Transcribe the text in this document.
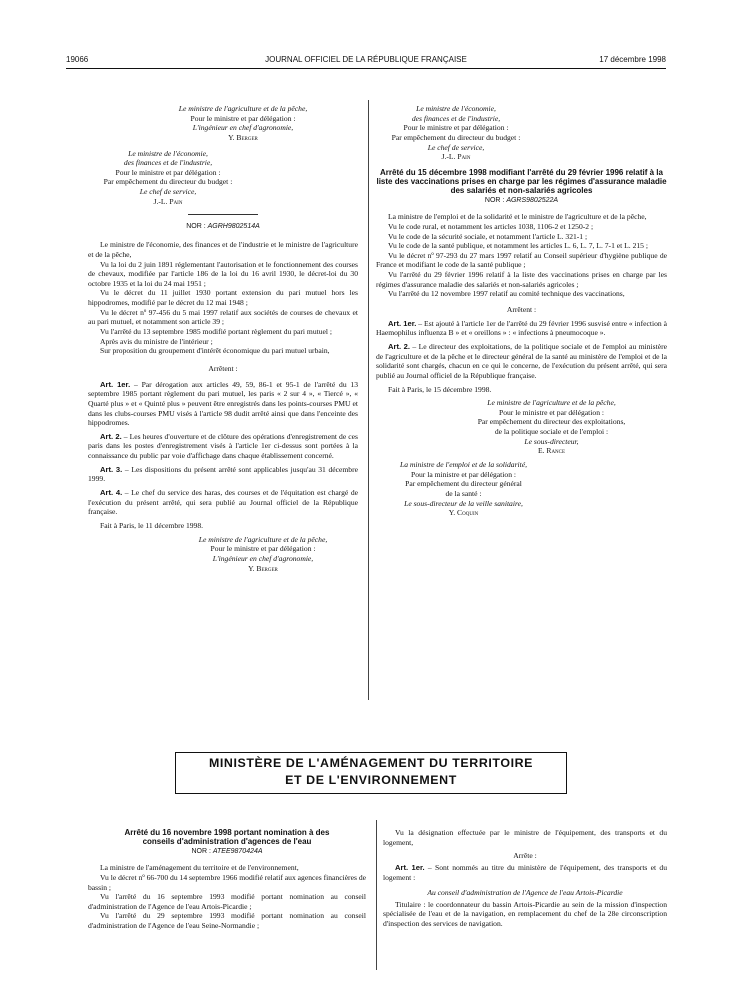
19066	JOURNAL OFFICIEL DE LA RÉPUBLIQUE FRANÇAISE	17 décembre 1998

Le ministre de l'agriculture et de la pêche,

Pour le ministre et par délégation :

L'ingénieur en chef d'agronomie,

Y. Berger

Le ministre de l'économie,

des finances et de l'industrie,

Pour le ministre et par délégation :

Par empêchement du directeur du budget :

Le chef de service,

J.-L. Pain

NOR : AGRH9802514A

Le ministre de l'économie, des finances et de l'industrie et le ministre de l'agriculture et de la pêche,

Vu la loi du 2 juin 1891 réglementant l'autorisation et le fonctionnement des courses de chevaux, modifiée par l'article 186 de la loi du 16 avril 1930, le décret-loi du 30 octobre 1935 et la loi du 24 mai 1951 ;

Vu le décret du 11 juillet 1930 portant extension du pari mutuel hors les hippodromes, modifié par le décret du 12 mai 1948 ;

Vu le décret nº 97-456 du 5 mai 1997 relatif aux sociétés de courses de chevaux et au pari mutuel, et notamment son article 39 ;

Vu l'arrêté du 13 septembre 1985 modifié portant règlement du pari mutuel ;

Après avis du ministre de l'intérieur ;

Sur proposition du groupement d'intérêt économique du pari mutuel urbain,

Arrêtent :

Art. 1er. – Par dérogation aux articles 49, 59, 86-1 et 95-1 de l'arrêté du 13 septembre 1985 portant règlement du pari mutuel, les paris « 2 sur 4 », « Tiercé », « Quarté plus » et « Quinté plus » peuvent être enregistrés dans les points-courses PMU et dans les clubs-courses PMU visés à l'article 98 dudit arrêté ainsi que dans l'enceinte des hippodromes.

Art. 2. – Les heures d'ouverture et de clôture des opérations d'enregistrement de ces paris dans les postes d'enregistrement visés à l'article 1er ci-dessus sont portées à la connaissance du public par voie d'affichage dans chaque établissement concerné.

Art. 3. – Les dispositions du présent arrêté sont applicables jusqu'au 31 décembre 1999.

Art. 4. – Le chef du service des haras, des courses et de l'équitation est chargé de l'exécution du présent arrêté, qui sera publié au Journal officiel de la République française.

Fait à Paris, le 11 décembre 1998.

Le ministre de l'agriculture et de la pêche,

Pour le ministre et par délégation :

L'ingénieur en chef d'agronomie,

Y. Berger

Le ministre de l'économie,

des finances et de l'industrie,

Pour le ministre et par délégation :

Par empêchement du directeur du budget :

Le chef de service,

J.-L. Pain

Arrêté du 15 décembre 1998 modifiant l'arrêté du 29 février 1996 relatif à la liste des vaccinations prises en charge par les régimes d'assurance maladie des salariés et non-salariés agricoles

NOR : AGRS9802522A

La ministre de l'emploi et de la solidarité et le ministre de l'agriculture et de la pêche,

Vu le code rural, et notamment les articles 1038, 1106-2 et 1250-2 ;

Vu le code de la sécurité sociale, et notamment l'article L. 321-1 ;

Vu le code de la santé publique, et notamment les articles L. 6, L. 7, L. 7-1 et L. 215 ;

Vu le décret nº 97-293 du 27 mars 1997 relatif au Conseil supérieur d'hygiène publique de France et modifiant le code de la santé publique ;

Vu l'arrêté du 29 février 1996 relatif à la liste des vaccinations prises en charge par les régimes d'assurance maladie des salariés et non-salariés agricoles ;

Vu l'arrêté du 12 novembre 1997 relatif au comité technique des vaccinations,

Arrêtent :

Art. 1er. – Est ajouté à l'article 1er de l'arrêté du 29 février 1996 susvisé entre « infection à Haemophilus influenza B » et « oreillons » : « infections à pneumocoque ».

Art. 2. – Le directeur des exploitations, de la politique sociale et de l'emploi au ministère de l'agriculture et de la pêche et le directeur général de la santé au ministère de l'emploi et de la solidarité sont chargés, chacun en ce qui le concerne, de l'exécution du présent arrêté, qui sera publié au Journal officiel de la République française.

Fait à Paris, le 15 décembre 1998.

Le ministre de l'agriculture et de la pêche,

Pour le ministre et par délégation :

Par empêchement du directeur des exploitations,

de la politique sociale et de l'emploi :

Le sous-directeur,

E. Rance

La ministre de l'emploi et de la solidarité,

Pour la ministre et par délégation :

Par empêchement du directeur général

de la santé :

Le sous-directeur de la veille sanitaire,

Y. Coquin

MINISTÈRE DE L'AMÉNAGEMENT DU TERRITOIRE
ET DE L'ENVIRONNEMENT

Arrêté du 16 novembre 1998 portant nomination à des conseils d'administration d'agences de l'eau

NOR : ATEE9870424A

La ministre de l'aménagement du territoire et de l'environnement,

Vu le décret nº 66-700 du 14 septembre 1966 modifié relatif aux agences financières de bassin ;

Vu l'arrêté du 16 septembre 1993 modifié portant nomination au conseil d'administration de l'Agence de l'eau Artois-Picardie ;

Vu l'arrêté du 29 septembre 1993 modifié portant nomination au conseil d'administration de l'Agence de l'eau Seine-Normandie ;

Vu la désignation effectuée par le ministre de l'équipement, des transports et du logement,

Arrête :

Art. 1er. – Sont nommés au titre du ministère de l'équipement, des transports et du logement :

Au conseil d'administration de l'Agence de l'eau Artois-Picardie

Titulaire : le coordonnateur du bassin Artois-Picardie au sein de la mission d'inspection spécialisée de l'eau et de la navigation, en remplacement du chef de la 28e circonscription d'inspection des services de navigation.
